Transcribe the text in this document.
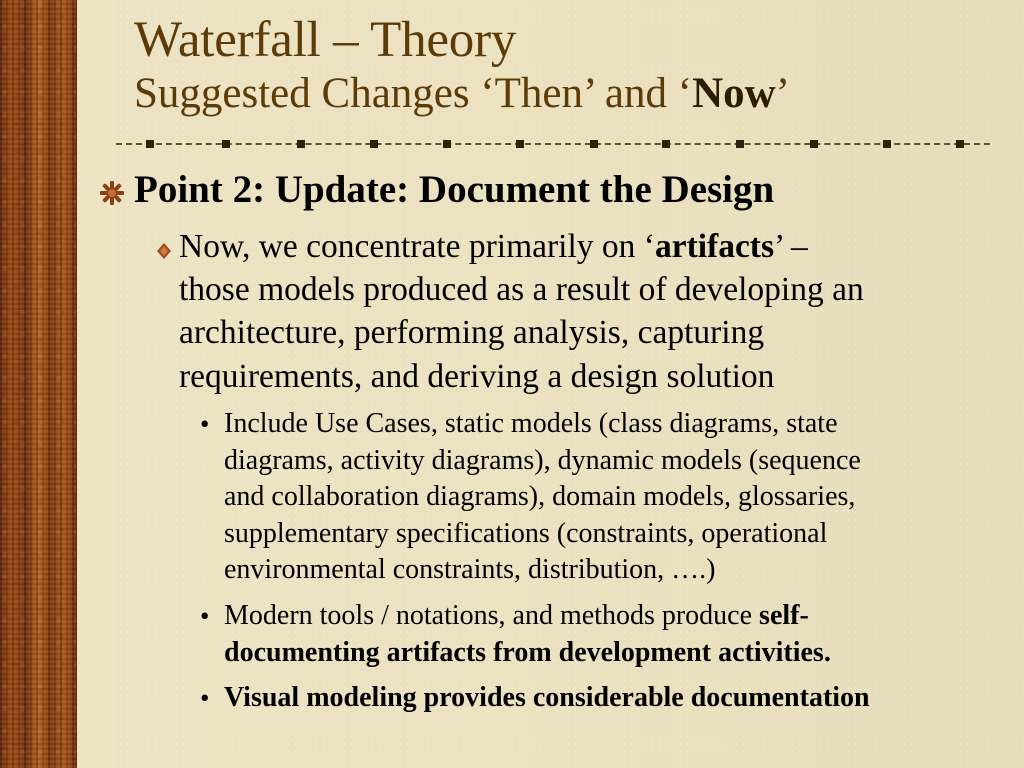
Waterfall – Theory
Suggested Changes ‘Then’ and ‘Now’
Point 2: Update: Document the Design
Now, we concentrate primarily on ‘artifacts’ –
those models produced as a result of developing an
architecture, performing analysis, capturing
requirements, and deriving a design solution
• Include Use Cases, static models (class diagrams, state
diagrams, activity diagrams), dynamic models (sequence
and collaboration diagrams), domain models, glossaries,
supplementary specifications (constraints, operational
environmental constraints, distribution, ….)
• Modern tools / notations, and methods produce self-
documenting artifacts from development activities.
• Visual modeling provides considerable documentation
